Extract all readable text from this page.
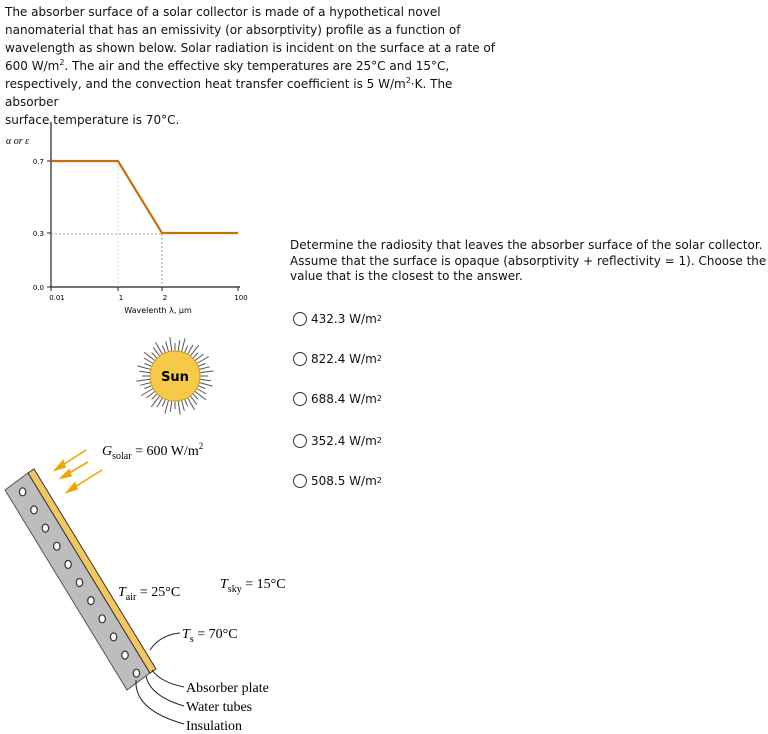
The absorber surface of a solar collector is made of a hypothetical novel
nanomaterial that has an emissivity (or absorptivity) profile as a function of
wavelength as shown below. Solar radiation is incident on the surface at a rate of
600 $W/m^2$. The air and the effective sky temperatures are 25°C and 15°C,
respectively, and the convection heat transfer coefficient is 5 $W/m^2\cdot K$. The absorber
surface temperature is 70°C.
α or ε
0.7
0.3
0.0
0.01	1	2	100
Wavelenth λ, μm
Sun
$G_{solar} = 600$ $W/m^2$
$T_{air} = 25^\circ C$
$T_{sky} = 15^\circ C$
$T_s = 70^\circ C$
Absorber plate
Water tubes
Insulation
Determine the radiosity that leaves the absorber surface of the solar collector. Assume that the surface is opaque (absorptivity + reflectivity = 1). Choose the value that is the closest to the answer.
432.3 W/m 2
822.4 W/m 2
688.4 W/m 2
352.4 W/m 2
508.5 W/m 2
